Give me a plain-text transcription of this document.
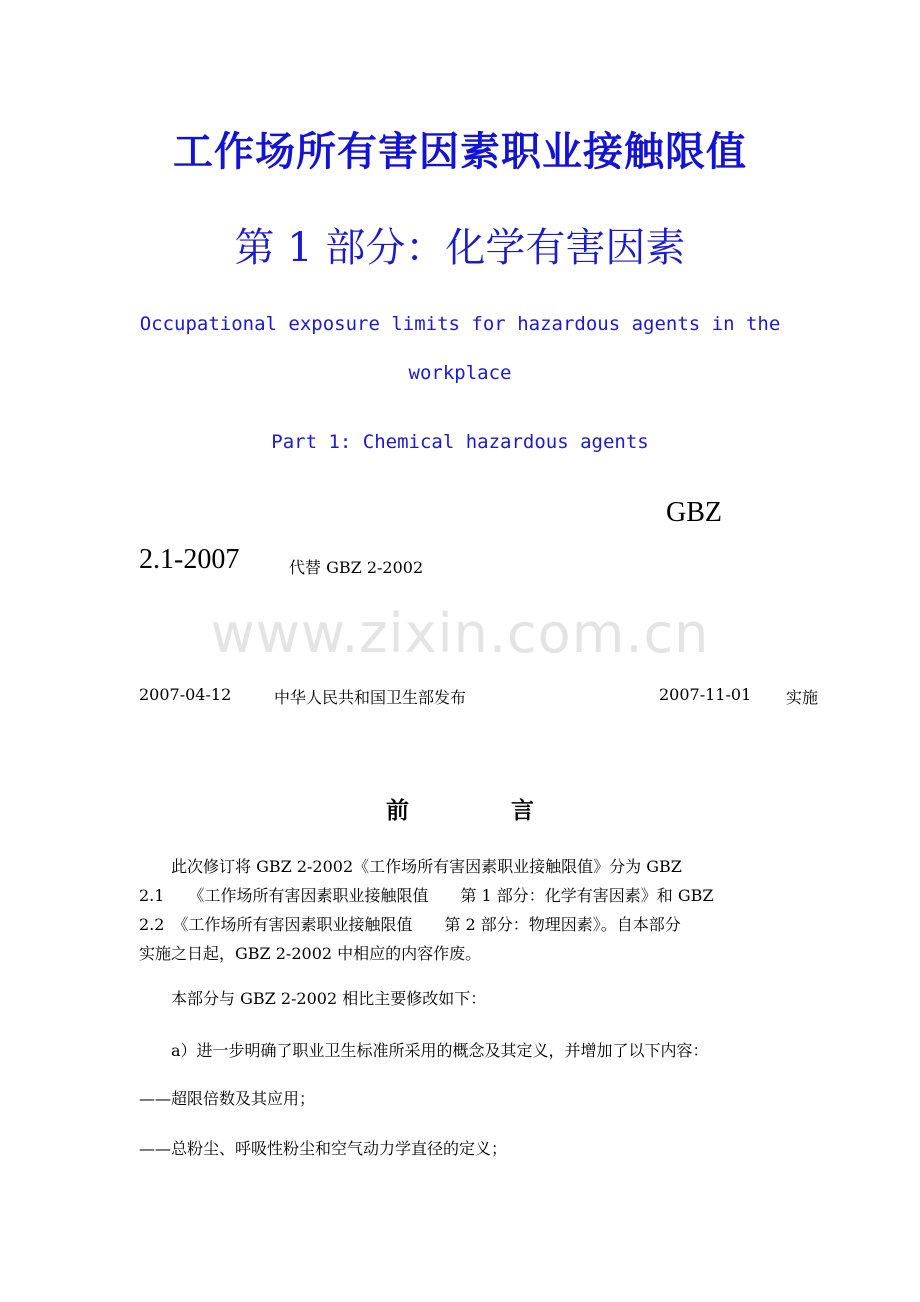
工作场所有害因素职业接触限值
第 1 部分：化学有害因素
Occupational exposure limits for hazardous agents in the
workplace
Part 1: Chemical hazardous agents
GBZ
2.1-2007	代替 GBZ 2-2002
www.zixin.com.cn
2007-04-12	中华人民共和国卫生部发布	2007-11-01 实施
前	言
　　此次修订将 GBZ 2-2002《工作场所有害因素职业接触限值》分为 GBZ
2.1　　《工作场所有害因素职业接触限值　　第 1 部分：化学有害因素》和 GBZ
2.2　《工作场所有害因素职业接触限值　　第 2 部分：物理因素》。自本部分
实施之日起，GBZ 2-2002 中相应的内容作废。
　　本部分与 GBZ 2-2002 相比主要修改如下：
　　a）进一步明确了职业卫生标准所采用的概念及其定义，并增加了以下内容：
——超限倍数及其应用；
——总粉尘、呼吸性粉尘和空气动力学直径的定义；
